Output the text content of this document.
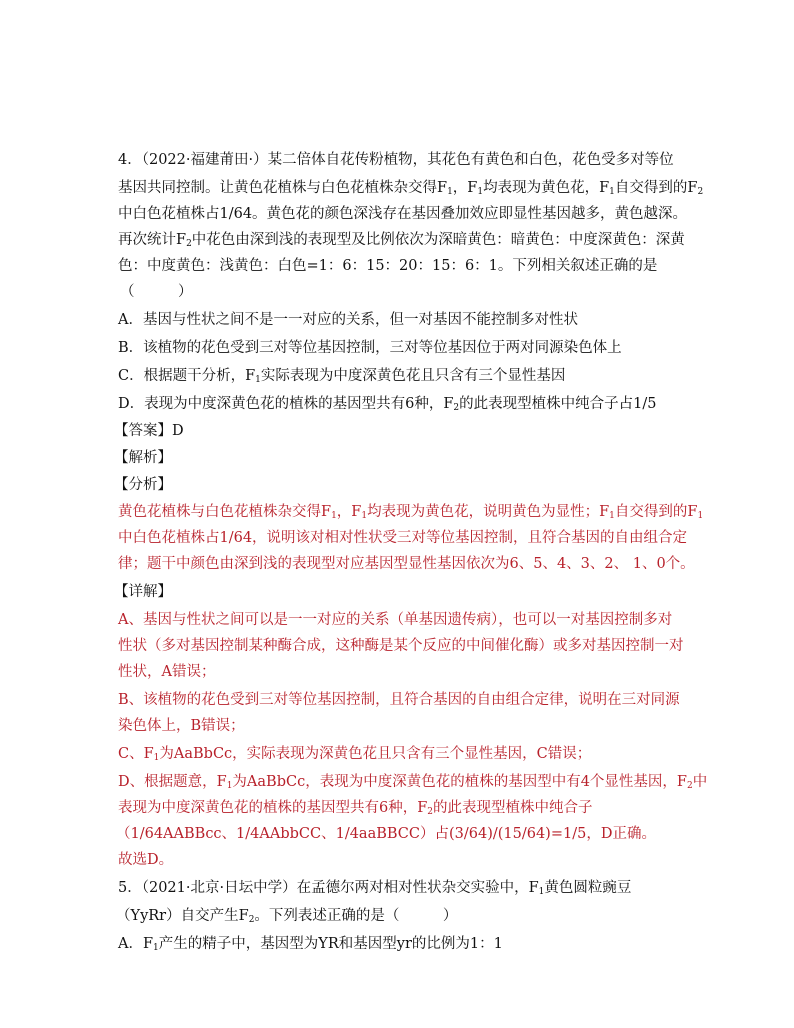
4．（2022·福建莆田·）某二倍体自花传粉植物，其花色有黄色和白色，花色受多对等位
基因共同控制。让黄色花植株与白色花植株杂交得$F_1$，$F_1$均表现为黄色花，$F_1$自交得到的$F_2$
中白色花植株占1/64。黄色花的颜色深浅存在基因叠加效应即显性基因越多，黄色越深。
再次统计$F_2$中花色由深到浅的表现型及比例依次为深暗黄色：暗黄色：中度深黄色：深黄
色：中度黄色：浅黄色：白色=1：6：15：20：15：6：1。下列相关叙述正确的是
（　　　）
A．基因与性状之间不是一一对应的关系，但一对基因不能控制多对性状
B．该植物的花色受到三对等位基因控制，三对等位基因位于两对同源染色体上
C．根据题干分析，$F_1$实际表现为中度深黄色花且只含有三个显性基因
D．表现为中度深黄色花的植株的基因型共有6种，$F_2$的此表现型植株中纯合子占1/5
【答案】D
【解析】
【分析】
黄色花植株与白色花植株杂交得$F_1$，$F_1$均表现为黄色花，说明黄色为显性；$F_1$自交得到的$F_1$
中白色花植株占1/64，说明该对相对性状受三对等位基因控制，且符合基因的自由组合定
律；题干中颜色由深到浅的表现型对应基因型显性基因依次为6、5、4、3、2、 1、0个。
【详解】
A、基因与性状之间可以是一一对应的关系（单基因遗传病），也可以一对基因控制多对
性状（多对基因控制某种酶合成，这种酶是某个反应的中间催化酶）或多对基因控制一对
性状，A错误；
B、该植物的花色受到三对等位基因控制，且符合基因的自由组合定律，说明在三对同源
染色体上，B错误；
C、$F_1$为AaBbCc，实际表现为深黄色花且只含有三个显性基因，C错误；
D、根据题意，$F_1$为AaBbCc，表现为中度深黄色花的植株的基因型中有4个显性基因，$F_2$中
表现为中度深黄色花的植株的基因型共有6种，$F_2$的此表现型植株中纯合子
（1/64AABBcc、1/4AAbbCC、1/4aaBBCC）占(3/64)/(15/64)=1/5，D正确。
故选D。
5．（2021·北京·日坛中学）在孟德尔两对相对性状杂交实验中，$F_1$黄色圆粒豌豆
（YyRr）自交产生$F_2$。下列表述正确的是（　　　）
A．$F_1$产生的精子中，基因型为YR和基因型yr的比例为1：1
